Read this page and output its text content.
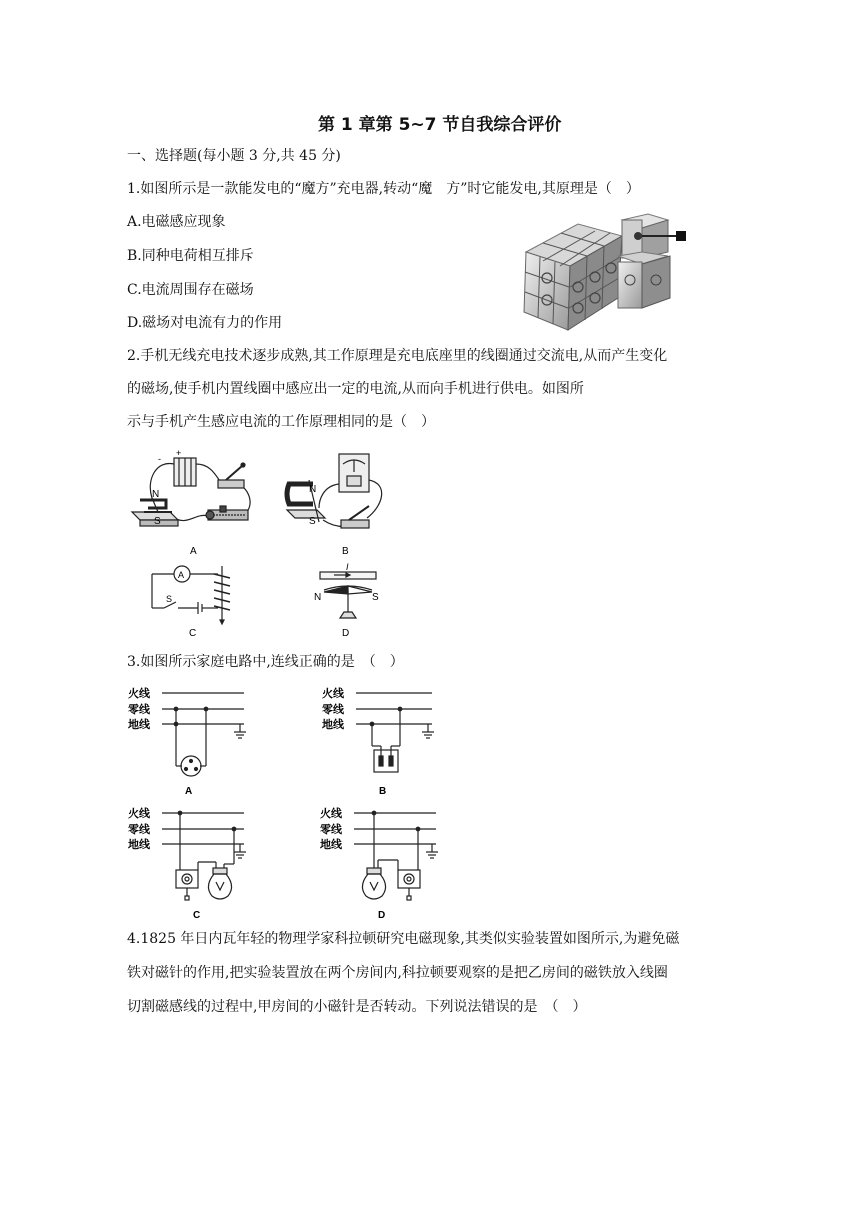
第 1 章第 5~7 节自我综合评价
一、选择题(每小题 3 分,共 45 分)
1.如图所示是一款能发电的“魔方”充电器,转动“魔　方”时它能发电,其原理是（　）
A.电磁感应现象
B.同种电荷相互排斥
C.电流周围存在磁场
D.磁场对电流有力的作用
2.手机无线充电技术逐步成熟,其工作原理是充电底座里的线圈通过交流电,从而产生变化
的磁场,使手机内置线圈中感应出一定的电流,从而向手机进行供电。如图所
示与手机产生感应电流的工作原理相同的是（　）
-
+
N
S
A
N
S
B
A
S
C
I
N	S
D
3.如图所示家庭电路中,连线正确的是　（　）
火线
零线
地线
A
火线
零线
地线
B
火线
零线
地线
C
火线
零线
地线
D
4.1825 年日内瓦年轻的物理学家科拉顿研究电磁现象,其类似实验装置如图所示,为避免磁
铁对磁针的作用,把实验装置放在两个房间内,科拉顿要观察的是把乙房间的磁铁放入线圈
切割磁感线的过程中,甲房间的小磁针是否转动。下列说法错误的是　（　）
